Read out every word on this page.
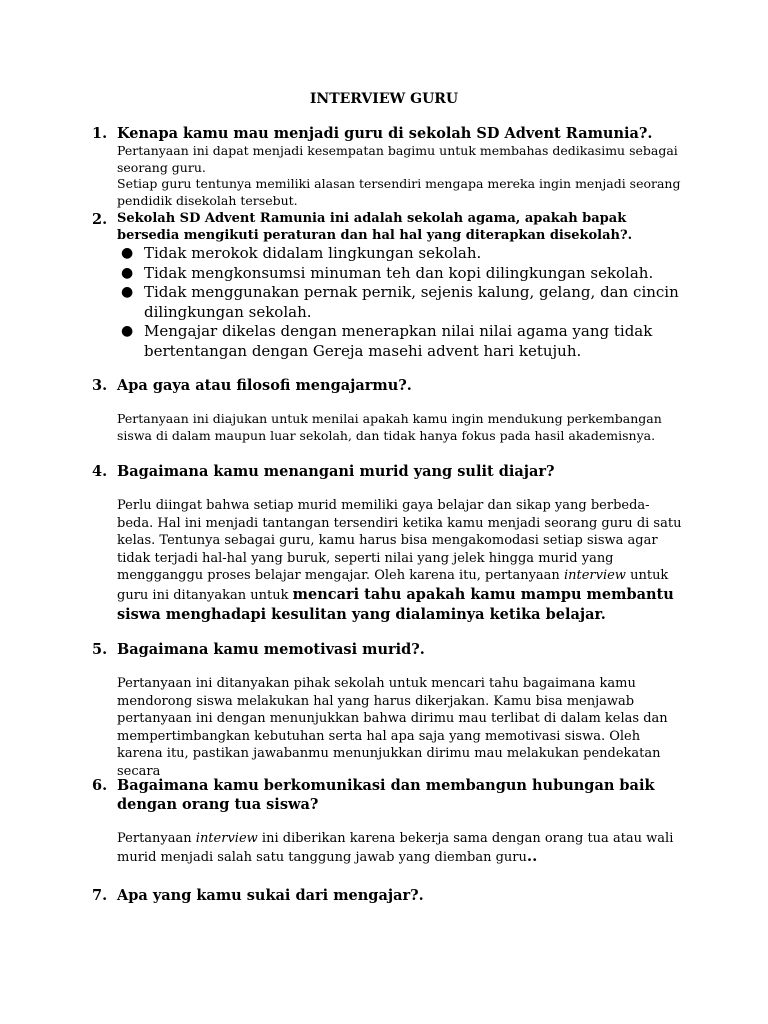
INTERVIEW GURU
1. Kenapa kamu mau menjadi guru di sekolah SD Advent Ramunia?.
Pertanyaan ini dapat menjadi kesempatan bagimu untuk membahas dedikasimu sebagai seorang guru.
Setiap guru tentunya memiliki alasan tersendiri mengapa mereka ingin menjadi seorang pendidik disekolah tersebut.
2. Sekolah SD Advent Ramunia ini adalah sekolah agama, apakah bapak bersedia mengikuti peraturan dan hal hal yang diterapkan disekolah?.
● Tidak merokok didalam lingkungan sekolah.
● Tidak mengkonsumsi minuman teh dan kopi dilingkungan sekolah.
● Tidak menggunakan pernak pernik, sejenis kalung, gelang, dan cincin dilingkungan sekolah.
● Mengajar dikelas dengan menerapkan nilai nilai agama yang tidak bertentangan dengan Gereja masehi advent hari ketujuh.
3. Apa gaya atau filosofi mengajarmu?.
Pertanyaan ini diajukan untuk menilai apakah kamu ingin mendukung perkembangan siswa di dalam maupun luar sekolah, dan tidak hanya fokus pada hasil akademisnya.
4. Bagaimana kamu menangani murid yang sulit diajar?
Perlu diingat bahwa setiap murid memiliki gaya belajar dan sikap yang berbeda-beda. Hal ini menjadi tantangan tersendiri ketika kamu menjadi seorang guru di satu kelas. Tentunya sebagai guru, kamu harus bisa mengakomodasi setiap siswa agar tidak terjadi hal-hal yang buruk, seperti nilai yang jelek hingga murid yang mengganggu proses belajar mengajar. Oleh karena itu, pertanyaan interview untuk guru ini ditanyakan untuk mencari tahu apakah kamu mampu membantu siswa menghadapi kesulitan yang dialaminya ketika belajar.
5. Bagaimana kamu memotivasi murid?.
Pertanyaan ini ditanyakan pihak sekolah untuk mencari tahu bagaimana kamu mendorong siswa melakukan hal yang harus dikerjakan. Kamu bisa menjawab pertanyaan ini dengan menunjukkan bahwa dirimu mau terlibat di dalam kelas dan mempertimbangkan kebutuhan serta hal apa saja yang memotivasi siswa. Oleh karena itu, pastikan jawabanmu menunjukkan dirimu mau melakukan pendekatan secara
6. Bagaimana kamu berkomunikasi dan membangun hubungan baik dengan orang tua siswa?
Pertanyaan interview ini diberikan karena bekerja sama dengan orang tua atau wali murid menjadi salah satu tanggung jawab yang diemban guru..
7. Apa yang kamu sukai dari mengajar?.
